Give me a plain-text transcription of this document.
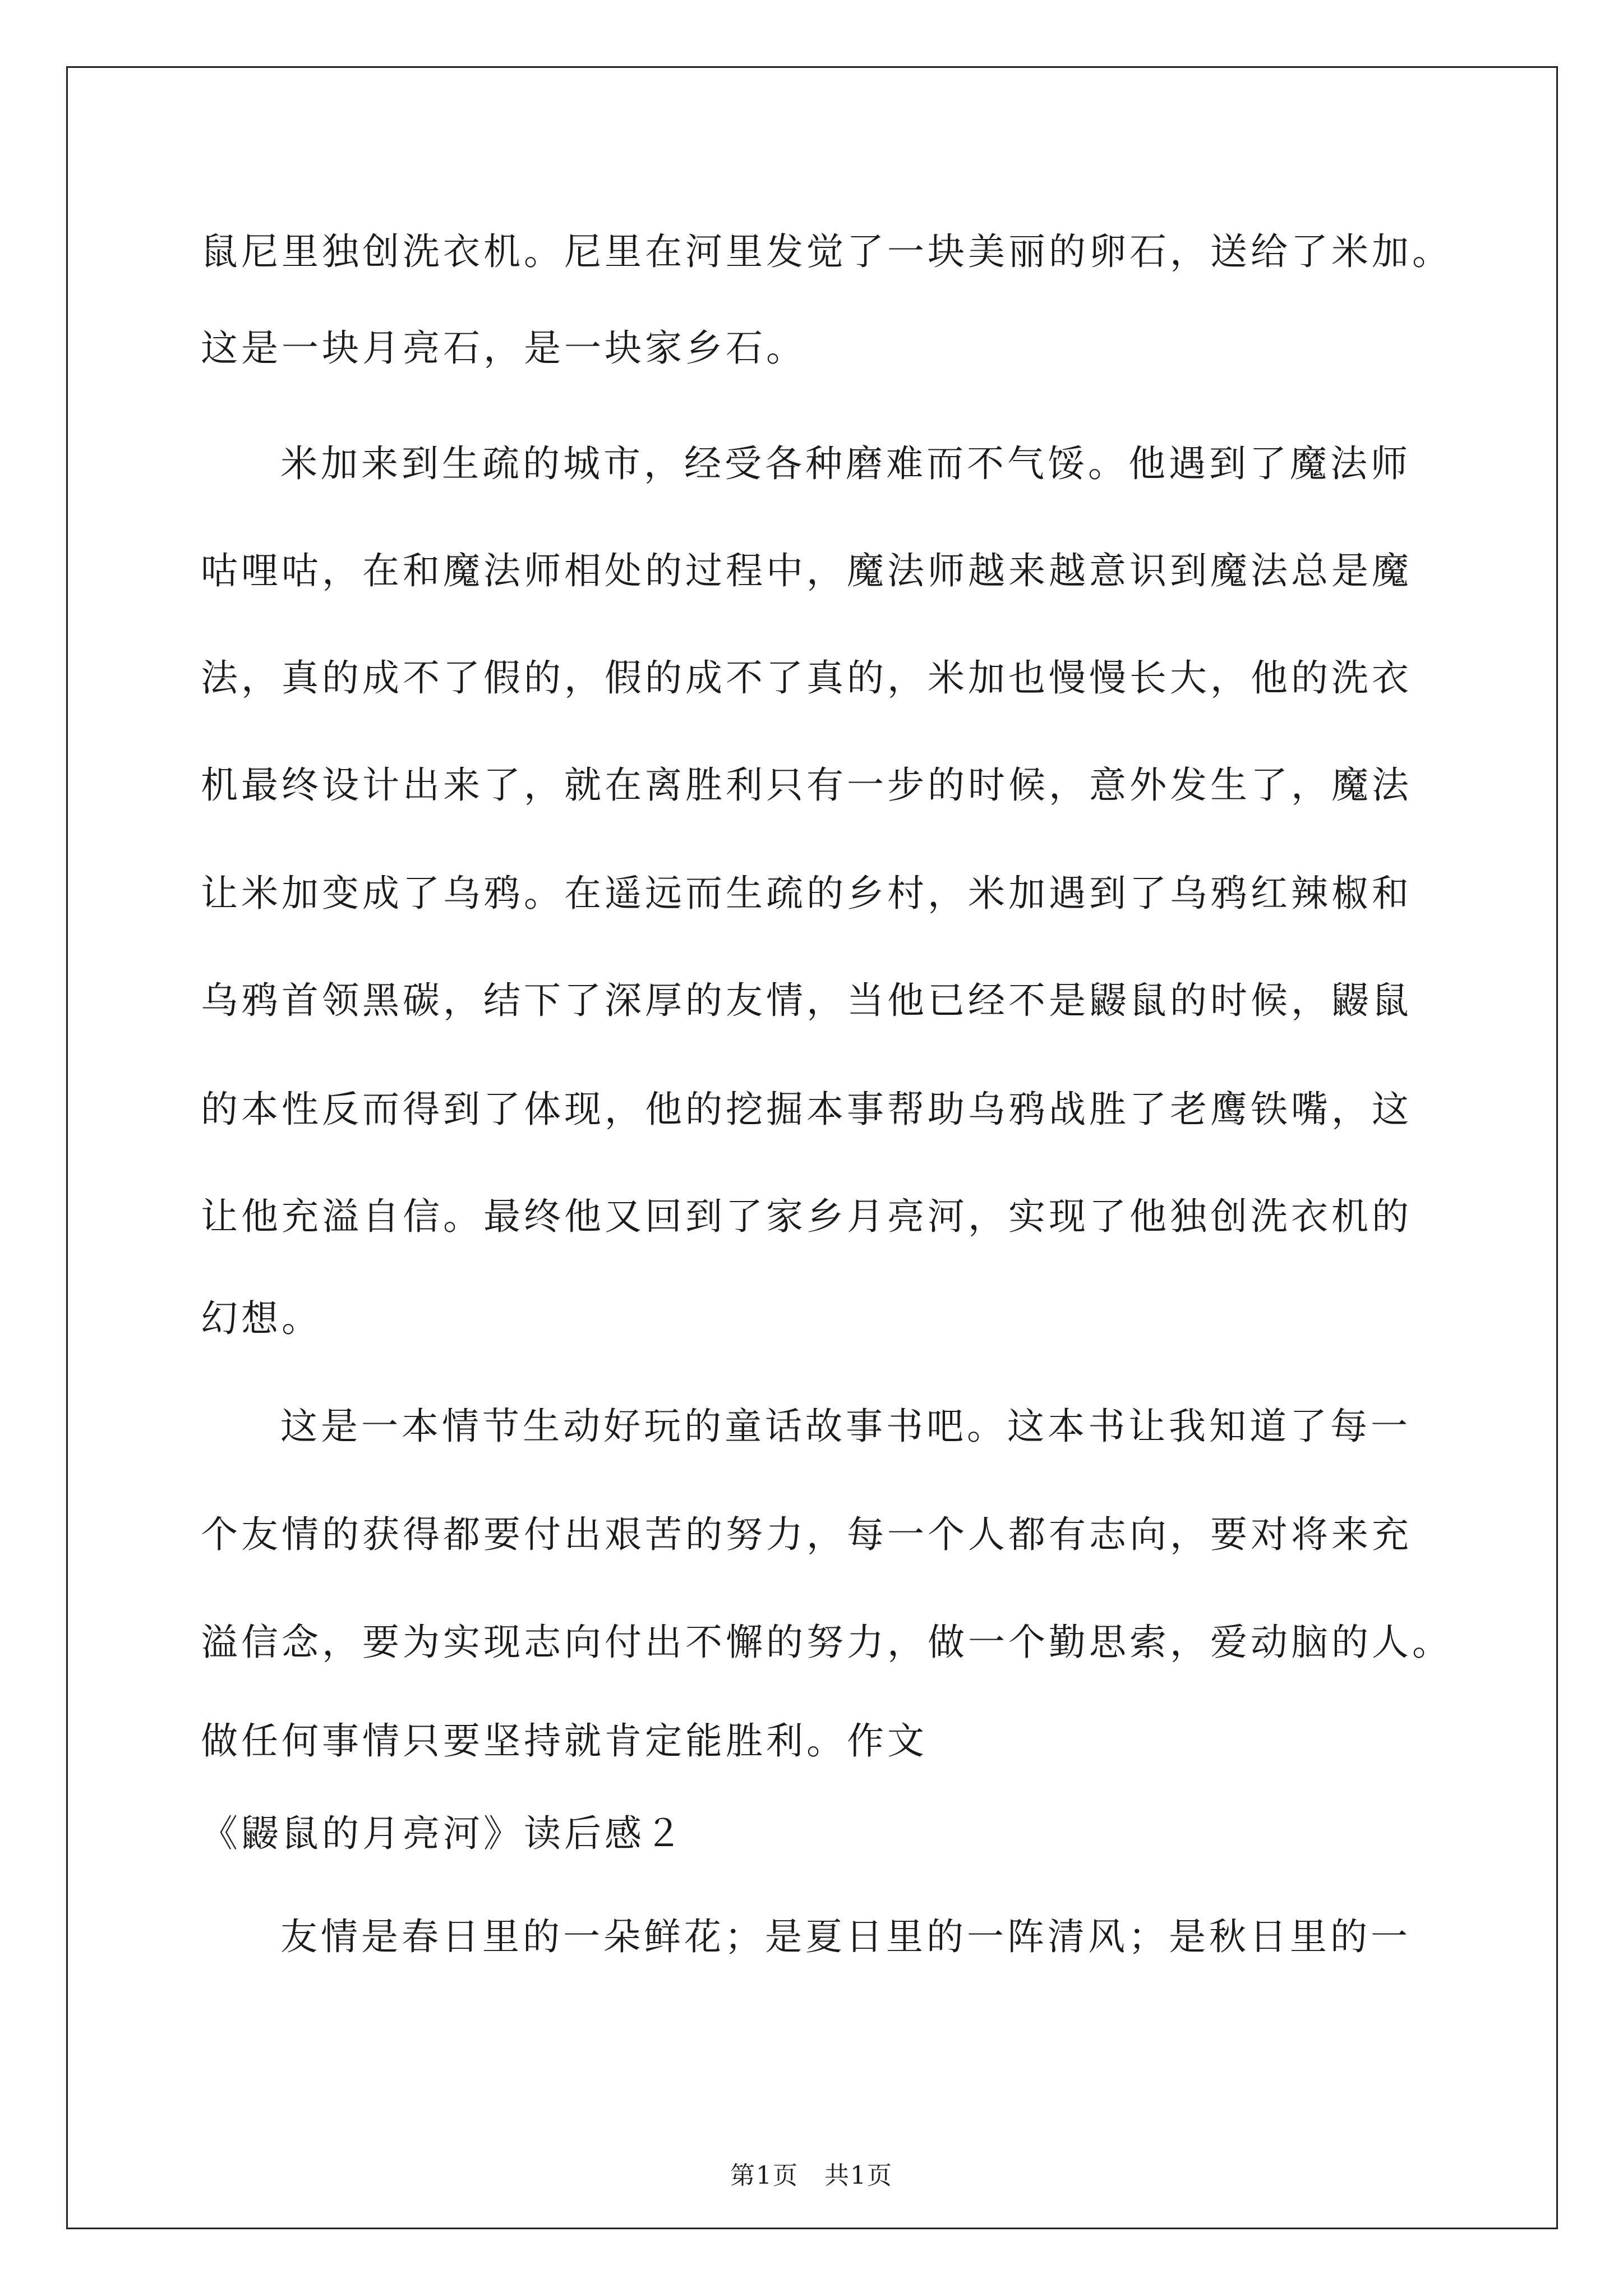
鼠尼里独创洗衣机。尼里在河里发觉了一块美丽的卵石，送给了米加。
这是一块月亮石，是一块家乡石。
米加来到生疏的城市，经受各种磨难而不气馁。他遇到了魔法师
咕哩咕，在和魔法师相处的过程中，魔法师越来越意识到魔法总是魔
法，真的成不了假的，假的成不了真的，米加也慢慢长大，他的洗衣
机最终设计出来了，就在离胜利只有一步的时候，意外发生了，魔法
让米加变成了乌鸦。在遥远而生疏的乡村，米加遇到了乌鸦红辣椒和
乌鸦首领黑碳，结下了深厚的友情，当他已经不是鼹鼠的时候，鼹鼠
的本性反而得到了体现，他的挖掘本事帮助乌鸦战胜了老鹰铁嘴，这
让他充溢自信。最终他又回到了家乡月亮河，实现了他独创洗衣机的
幻想。
这是一本情节生动好玩的童话故事书吧。这本书让我知道了每一
个友情的获得都要付出艰苦的努力，每一个人都有志向，要对将来充
溢信念，要为实现志向付出不懈的努力，做一个勤思索，爱动脑的人。
做任何事情只要坚持就肯定能胜利。作文
《鼹鼠的月亮河》读后感２
友情是春日里的一朵鲜花；是夏日里的一阵清风；是秋日里的一
第1页　共1页
